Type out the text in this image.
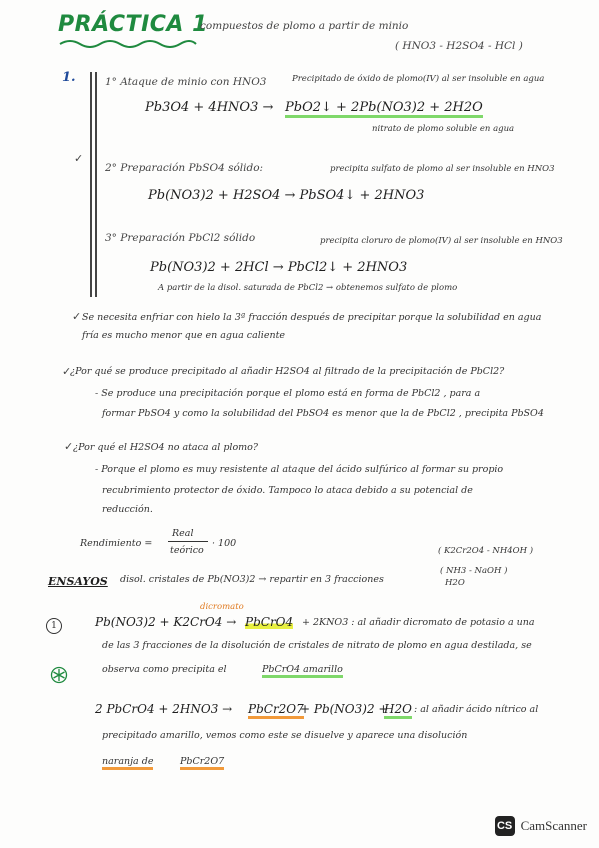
PRÁCTICA 1
compuestos de plomo a partir de minio
( HNO3 - H2SO4 - HCl )
1.	1° Ataque de minio con HNO3	Precipitado de óxido de plomo(IV) al ser insoluble en agua
Pb3O4 + 4HNO3 → PbO2↓ + 2Pb(NO3)2 + 2H2O
nitrato de plomo soluble en agua
✓
2° Preparación PbSO4 sólido:	precipita sulfato de plomo al ser insoluble en HNO3
Pb(NO3)2 + H2SO4 → PbSO4↓ + 2HNO3
3° Preparación PbCl2 sólido	precipita cloruro de plomo(IV) al ser insoluble en HNO3
Pb(NO3)2 + 2HCl → PbCl2↓ + 2HNO3
A partir de la disol. saturada de PbCl2 → obtenemos sulfato de plomo
✓ Se necesita enfriar con hielo la 3ª fracción después de precipitar porque la solubilidad en agua
fría es mucho menor que en agua caliente
✓
¿Por qué se produce precipitado al añadir H2SO4 al filtrado de la precipitación de PbCl2?
- Se produce una precipitación porque el plomo está en forma de PbCl2 , para a
formar PbSO4 y como la solubilidad del PbSO4 es menor que la de PbCl2 , precipita PbSO4
✓ ¿Por qué el H2SO4 no ataca al plomo?
- Porque el plomo es muy resistente al ataque del ácido sulfúrico al formar su propio
recubrimiento protector de óxido. Tampoco lo ataca debido a su potencial de
reducción.
Rendimiento =
Real
teórico
· 100
( K2Cr2O4 - NH4OH )
( NH3 - NaOH )
H2O
ENSAYOS disol. cristales de Pb(NO3)2 → repartir en 3 fracciones
1
dicromato
Pb(NO3)2 + K2CrO4 → PbCrO4 + 2KNO3 : al añadir dicromato de potasio a una
de las 3 fracciones de la disolución de cristales de nitrato de plomo en agua destilada, se
observa como precipita el	PbCrO4 amarillo
2 PbCrO4 + 2HNO3 → PbCr2O7
+ Pb(NO3)2 +
H2O : al añadir ácido nítrico al
precipitado amarillo, vemos como este se disuelve y aparece una disolución
naranja de	PbCr2O7
CS CamScanner
